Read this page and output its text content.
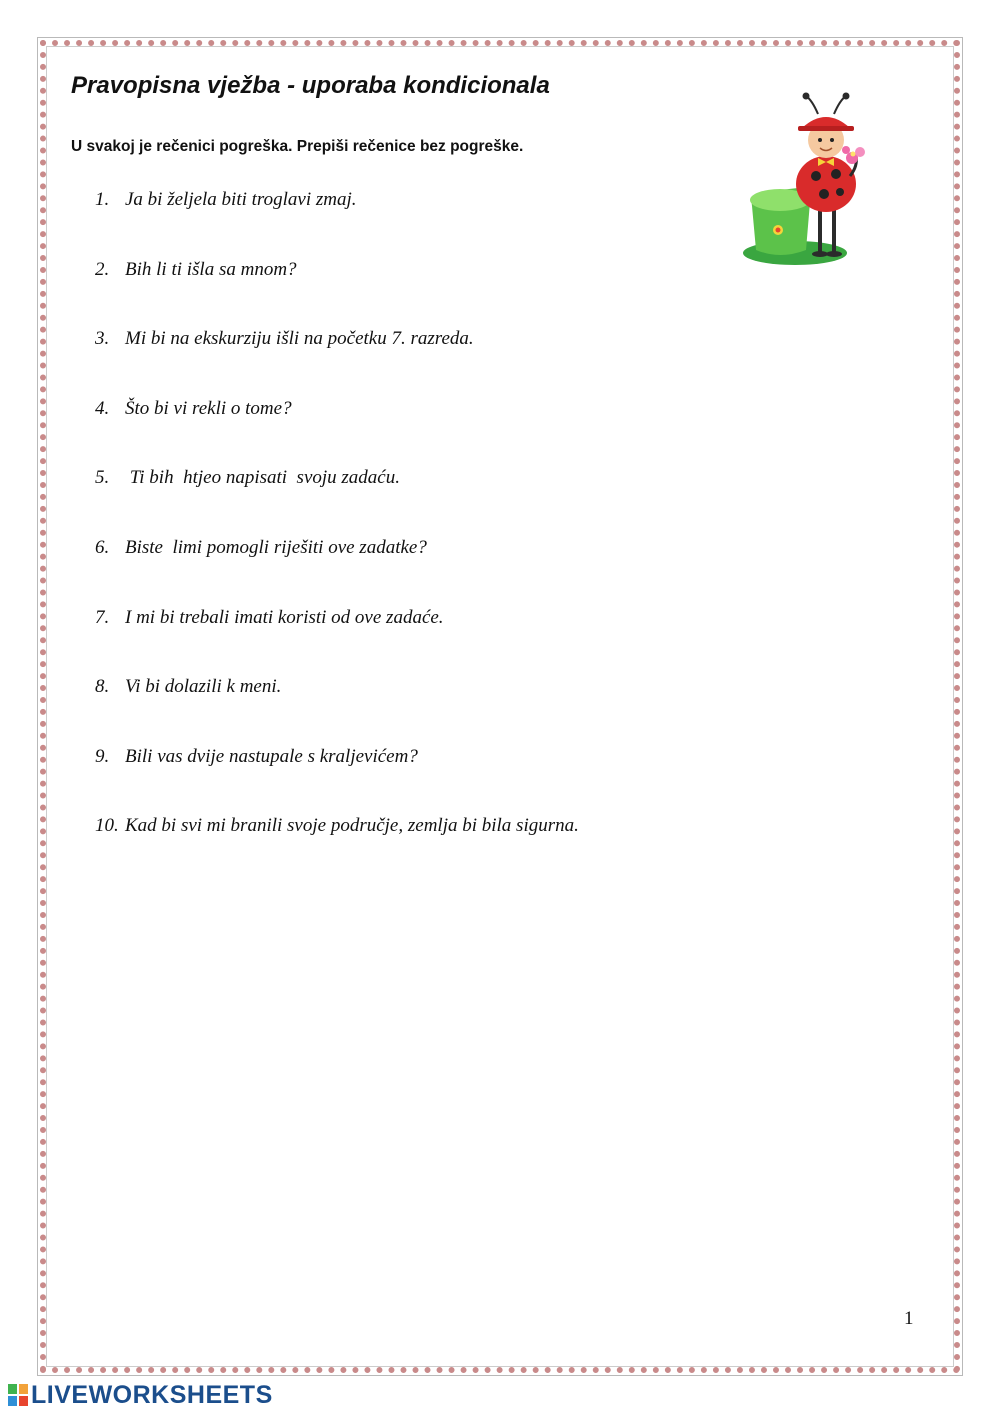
Pravopisna vježba - uporaba kondicionala

U svakoj je rečenici pogreška. Prepiši rečenice bez pogreške.

1. Ja bi željela biti troglavi zmaj.
2. Bih li ti išla sa mnom?
3. Mi bi na ekskurziju išli na početku 7. razreda.
4. Što bi vi rekli o tome?
5. Ti bih  htjeo napisati  svoju zadaću.
6. Biste  limi pomogli riješiti ove zadatke?
7. I mi bi trebali imati koristi od ove zadaće.
8. Vi bi dolazili k meni.
9. Bili vas dvije nastupale s kraljevićem?
10. Kad bi svi mi branili svoje područje, zemlja bi bila sigurna.
1
LIVEWORKSHEETS
